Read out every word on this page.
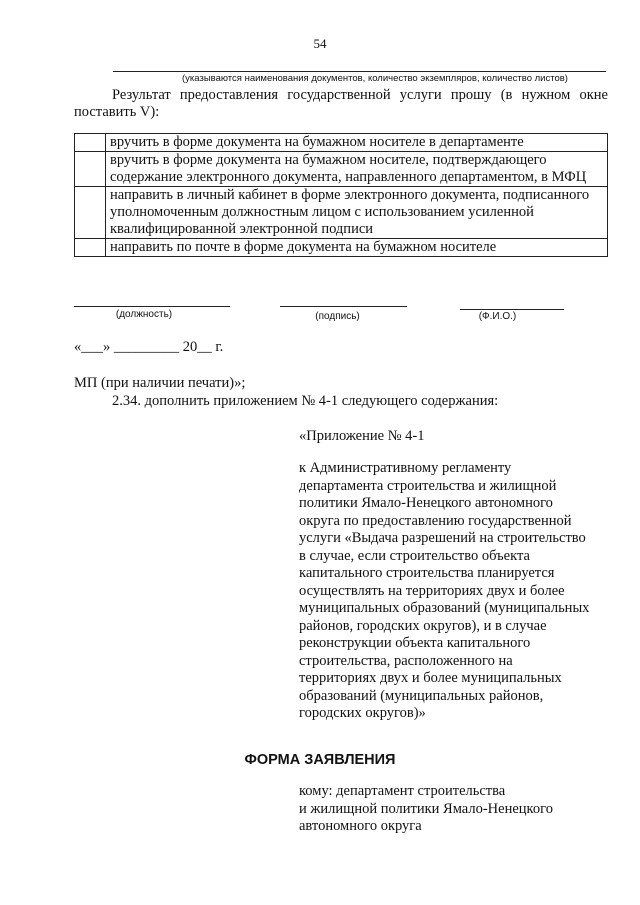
54
(указываются наименования документов, количество экземпляров, количество листов)
Результат предоставления государственной услуги прошу (в нужном окне поставить V):
	вручить в форме документа на бумажном носителе в департаменте
	вручить в форме документа на бумажном носителе, подтверждающего содержание электронного документа, направленного департаментом, в МФЦ
	направить в личный кабинет в форме электронного документа, подписанного уполномоченным должностным лицом с использованием усиленной квалифицированной электронной подписи
	направить по почте в форме документа на бумажном носителе
(должность)	(подпись)	(Ф.И.О.)
«___» _________ 20__ г.
МП (при наличии печати)»;
2.34. дополнить приложением № 4-1 следующего содержания:
«Приложение № 4-1
к Административному регламенту
департамента строительства и жилищной
политики Ямало-Ненецкого автономного
округа по предоставлению государственной
услуги «Выдача разрешений на строительство
в случае, если строительство объекта
капитального строительства планируется
осуществлять на территориях двух и более
муниципальных образований (муниципальных
районов, городских округов), и в случае
реконструкции объекта капитального
строительства, расположенного на
территориях двух и более муниципальных
образований (муниципальных районов,
городских округов)»
ФОРМА ЗАЯВЛЕНИЯ
кому: департамент строительства
и жилищной политики Ямало-Ненецкого
автономного округа
